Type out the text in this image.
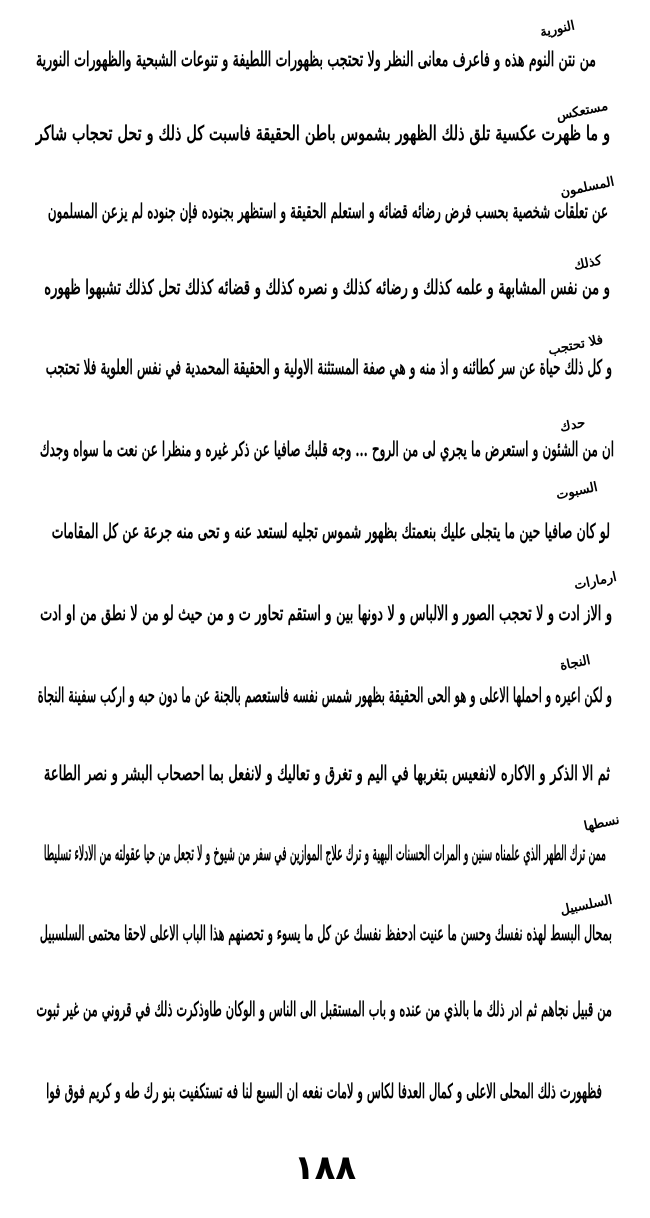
من نتن النوم هذه و فاعرف معانى النظر ولا تحتجب بظهورات اللطيفة و تنوعات الشبحية والظهورات النورية
و ما ظهرت عكسية تلق ذلك الظهور بشموس باطن الحقيقة فاسبت كل ذلك و تحل تحجاب شاكر
عن تعلقات شخصية بحسب فرض رضائه قضائه و استعلم الحقيقة و استظهر بجنوده فإن جنوده لم يزعن المسلمون
و من نفس المشابهة و علمه كذلك و رضائه كذلك و نصره كذلك و قضائه كذلك تحل كذلك تشبهوا ظهوره
و كل ذلك حياة عن سر كطائنه و اذ منه و هي صفة المستثنة الاولية و الحقيقة المحمدية في نفس العلوية فلا تحتجب
ان من الشئون و استعرض ما يجري لى من الروح ... وجه قلبك صافيا عن ذكر غيره و منظرا عن نعت ما سواه وجدك
لو كان صافيا حين ما يتجلى عليك بنعمتك بظهور شموس تجليه لستعد عنه و تحى منه جرعة عن كل المقامات
و الاز ادت و لا تحجب الصور و الالباس و لا دونها بين و استقم تحاور ت و من حيث لو من لا نطق من او ادت
و لكن اعيره و احملها الاعلى و هو الحى الحقيقة بظهور شمس نفسه فاستعصم بالجنة عن ما دون حبه و اركب سفينة النجاة
ثم الا الذكر و الاكاره لانفعيس بتغربها في اليم و تغرق و تعاليك و لانفعل بما احصحاب البشر و نصر الطاعة
ممن ترك الطهر الذي علمناه سنين و المرات الحسنات البهية و ترك علاج الموازين في سفر من شيوخ و لا تجعل من حيا عقولته من الادلاء تسليطا
بمحال البسط لهذه نفسك وحسن ما عنيت ادحفظ نفسك عن كل ما يسوء و تحصنهم هذا الباب الاعلى لاحقا محتمى السلسبيل
من قبيل نجاهم ثم ادر ذلك ما بالذي من عنده و باب المستقبل الى الناس و الوكان طاوذكرت ذلك في قروني من غير ثبوت
فظهورت ذلك المحلى الاعلى و كمال العدفا لكاس و لامات نفعه ان السبع لنا فه تستكفيت بنو رك طه و كريم فوق فوا
النورية
مستعكس
المسلمون
كذلك
فلا تحتجب
حدك
السبوت
ارمارات
النجاة
نسطها
السلسبيل
١٨٨
